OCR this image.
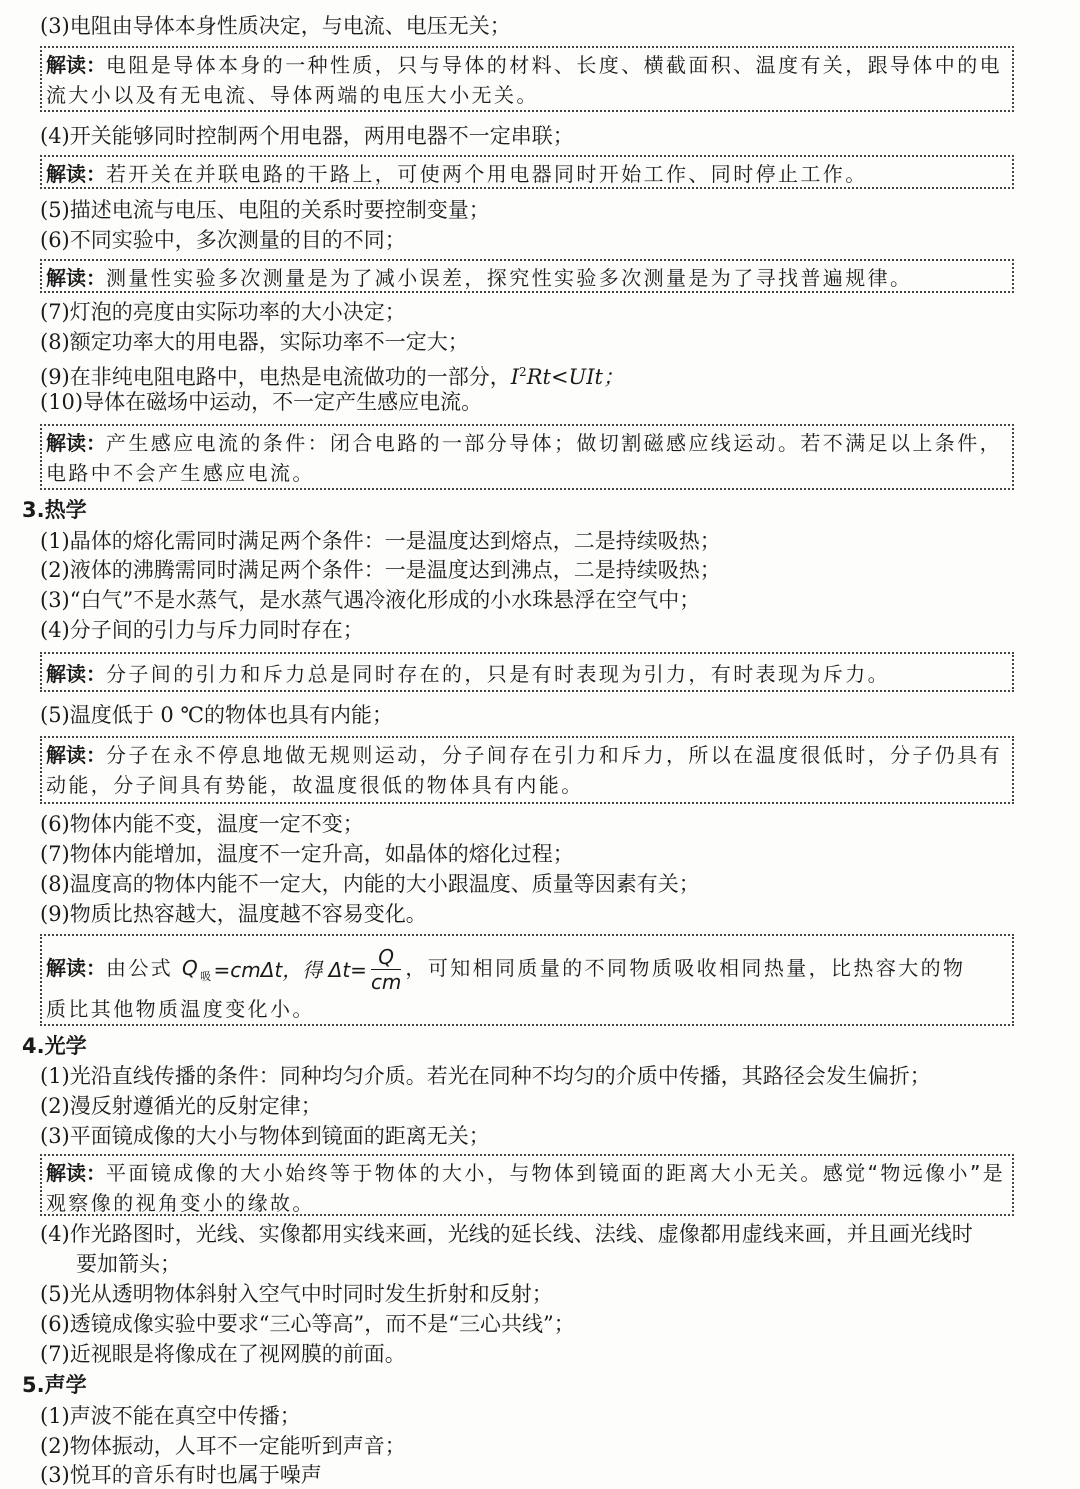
(3)电阻由导体本身性质决定，与电流、电压无关；
解读：电阻是导体本身的一种性质，只与导体的材料、长度、横截面积、温度有关，跟导体中的电流大小以及有无电流、导体两端的电压大小无关。
(4)开关能够同时控制两个用电器，两用电器不一定串联；
解读：若开关在并联电路的干路上，可使两个用电器同时开始工作、同时停止工作。
(5)描述电流与电压、电阻的关系时要控制变量；
(6)不同实验中，多次测量的目的不同；
解读：测量性实验多次测量是为了减小误差，探究性实验多次测量是为了寻找普遍规律。
(7)灯泡的亮度由实际功率的大小决定；
(8)额定功率大的用电器，实际功率不一定大；
(9)在非纯电阻电路中，电热是电流做功的一部分，$I^2Rt<UIt$；
(10)导体在磁场中运动，不一定产生感应电流。
解读：产生感应电流的条件：闭合电路的一部分导体；做切割磁感应线运动。若不满足以上条件，电路中不会产生感应电流。
3.热学
(1)晶体的熔化需同时满足两个条件：一是温度达到熔点，二是持续吸热；
(2)液体的沸腾需同时满足两个条件：一是温度达到沸点，二是持续吸热；
(3)“白气”不是水蒸气，是水蒸气遇冷液化形成的小水珠悬浮在空气中；
(4)分子间的引力与斥力同时存在；
解读：分子间的引力和斥力总是同时存在的，只是有时表现为引力，有时表现为斥力。
(5)温度低于 0 ℃的物体也具有内能；
解读：分子在永不停息地做无规则运动，分子间存在引力和斥力，所以在温度很低时，分子仍具有动能，分子间具有势能，故温度很低的物体具有内能。
(6)物体内能不变，温度一定不变；
(7)物体内能增加，温度不一定升高，如晶体的熔化过程；
(8)温度高的物体内能不一定大，内能的大小跟温度、质量等因素有关；
(9)物质比热容越大，温度越不容易变化。
解读：由公式 $Q_吸=cm\Delta t$，得 $\Delta t= \frac{Q}{cm}$ ，可知相同质量的不同物质吸收相同热量，比热容大的物
质比其他物质温度变化小。
4.光学
(1)光沿直线传播的条件：同种均匀介质。若光在同种不均匀的介质中传播，其路径会发生偏折；
(2)漫反射遵循光的反射定律；
(3)平面镜成像的大小与物体到镜面的距离无关；
解读：平面镜成像的大小始终等于物体的大小，与物体到镜面的距离大小无关。感觉“物远像小”是观察像的视角变小的缘故。
(4)作光路图时，光线、实像都用实线来画，光线的延长线、法线、虚像都用虚线来画，并且画光线时
要加箭头；
(5)光从透明物体斜射入空气中时同时发生折射和反射；
(6)透镜成像实验中要求“三心等高”，而不是“三心共线”；
(7)近视眼是将像成在了视网膜的前面。
5.声学
(1)声波不能在真空中传播；
(2)物体振动，人耳不一定能听到声音；
(3)悦耳的音乐有时也属于噪声
